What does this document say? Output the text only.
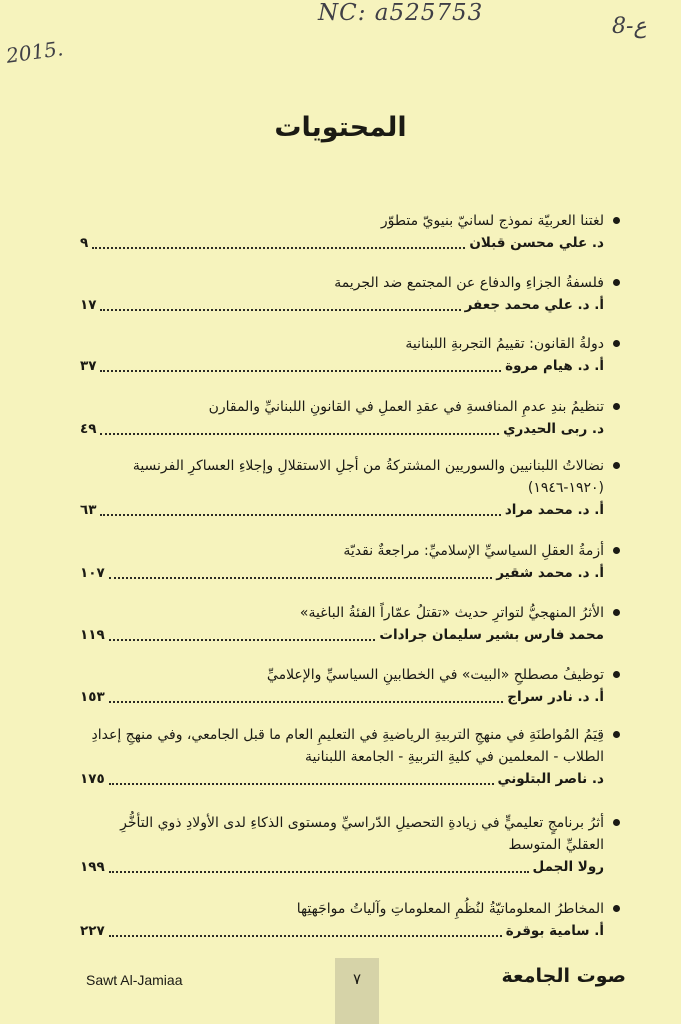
NC: a525753
2015.
8-ع
المحتويات
لغتنا العربيّة نموذج لسانيّ بنيويّ متطوّر
د. علي محسن قبلان
٩
فلسفةُ الجزاءِ والدفاع عن المجتمع ضد الجريمة
أ. د. علي محمد جعفر
١٧
دولةُ القانون: تقييمُ التجربةِ اللبنانية
أ. د. هيام مروة
٣٧
تنظيمُ بندِ عدمِ المنافسةِ في عقدِ العملِ في القانونِ اللبنانيِّ والمقارن
د. ربى الحيدري
٤٩
نضالاتُ اللبنانيين والسوريين المشتركةُ من أجلِ الاستقلالِ وإجلاءِ العساكرِ الفرنسية (١٩٢٠-١٩٤٦)
أ. د. محمد مراد
٦٣
أزمةُ العقلِ السياسيِّ الإسلاميِّ: مراجعةٌ نقديّة
أ. د. محمد شقير
١٠٧
الأثرُ المنهجيُّ لتواترِ حديث «تقتلُ عمّاراً الفئةُ الباغية»
محمد فارس بشير سليمان جرادات
١١٩
توظيفُ مصطلحِ «البيت» في الخطابينِ السياسيِّ والإعلاميِّ
أ. د. نادر سراج
١٥٣
قِيَمُ المُواطنَةِ في منهجِ التربيةِ الرياضيةِ في التعليمِ العام ما قبل الجامعي، وفي منهجِ إعدادِ الطلاب - المعلمين في كليةِ التربيةِ - الجامعة اللبنانية
د. ناصر البتلوني
١٧٥
أثرُ برنامجٍ تعليميٍّ في زيادةِ التحصيلِ الدّراسيِّ ومستوى الذكاءِ لدى الأولادِ ذوي التأخُّرِ العقليِّ المتوسط
رولا الجمل
١٩٩
المخاطرُ المعلوماتيّةُ لنُظُمِ المعلوماتِ وآلياتُ مواجَهتِها
أ. سامية بوقرة
٢٢٧
Sawt Al-Jamiaa	٧	صوت الجامعة
